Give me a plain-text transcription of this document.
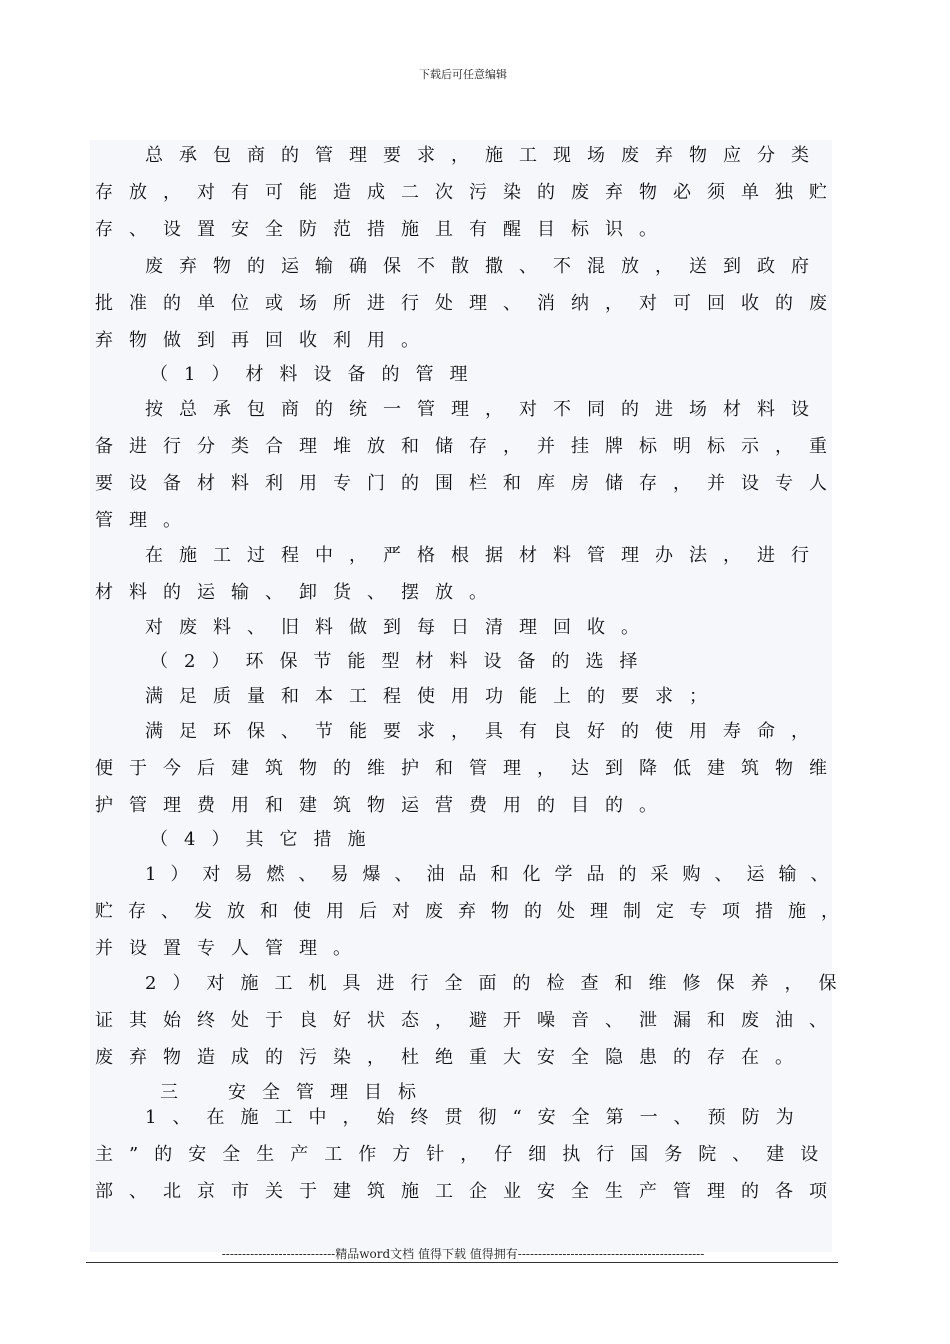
下载后可任意编辑
总承包商的管理要求，施工现场废弃物应分类
存放，对有可能造成二次污染的废弃物必须单独贮
存、设置安全防范措施且有醒目标识。
废弃物的运输确保不散撒、不混放，送到政府
批准的单位或场所进行处理、消纳，对可回收的废
弃物做到再回收利用。
（1）材料设备的管理
按总承包商的统一管理，对不同的进场材料设
备进行分类合理堆放和储存，并挂牌标明标示，重
要设备材料利用专门的围栏和库房储存，并设专人
管理。
在施工过程中，严格根据材料管理办法，进行
材料的运输、卸货、摆放。
对废料、旧料做到每日清理回收。
（2）环保节能型材料设备的选择
满足质量和本工程使用功能上的要求；
满足环保、节能要求，具有良好的使用寿命，
便于今后建筑物的维护和管理，达到降低建筑物维
护管理费用和建筑物运营费用的目的。
（4）其它措施
1）对易燃、易爆、油品和化学品的采购、运输、
贮存、发放和使用后对废弃物的处理制定专项措施，
并设置专人管理。
2）对施工机具进行全面的检查和维修保养，保
证其始终处于良好状态，避开噪音、泄漏和废油、
废弃物造成的污染，杜绝重大安全隐患的存在。
三　安全管理目标
1、在施工中，始终贯彻“安全第一、预防为
主”的安全生产工作方针，仔细执行国务院、建设
部、北京市关于建筑施工企业安全生产管理的各项
----------------------------精品word文档 值得下载 值得拥有----------------------------------------------
